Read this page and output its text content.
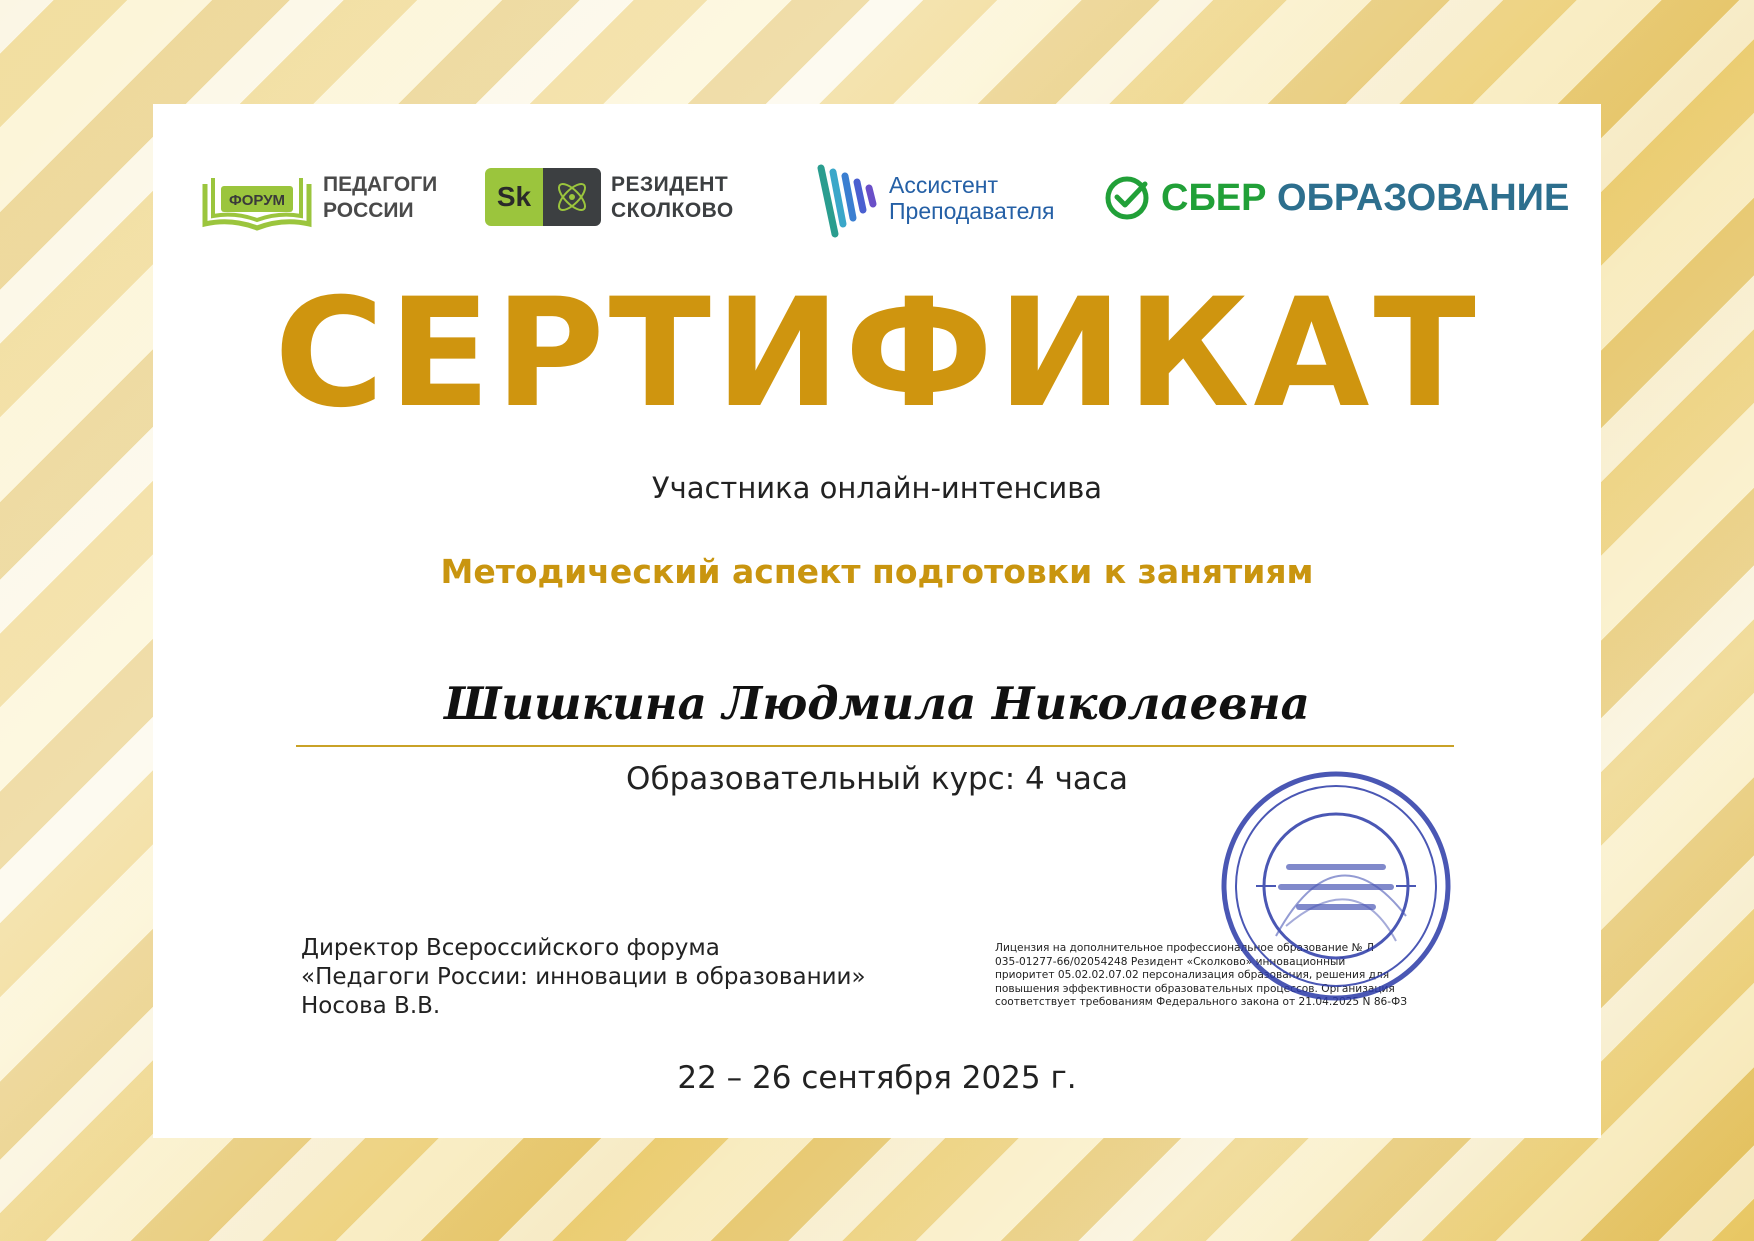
ФОРУМ
ПЕДАГОГИ
РОССИИ	Sk	РЕЗИДЕНТ
СКОЛКОВО
Ассистент
Преподавателя	СБЕР ОБРАЗОВАНИЕ
СЕРТИФИКАТ
Участника онлайн-интенсива
Методический аспект подготовки к занятиям
Шишкина Людмила Николаевна
Образовательный курс: 4 часа
Директор Всероссийского форума
«Педагоги России: инновации в образовании»
Носова В.В.
Лицензия на дополнительное профессиональное образование № Л
035-01277-66/02054248 Резидент «Сколково» инновационный
приоритет 05.02.02.07.02 персонализация образования, решения для
повышения эффективности образовательных процессов. Организация
соответствует требованиям Федерального закона от 21.04.2025 N 86-ФЗ
22 – 26 сентября 2025 г.
